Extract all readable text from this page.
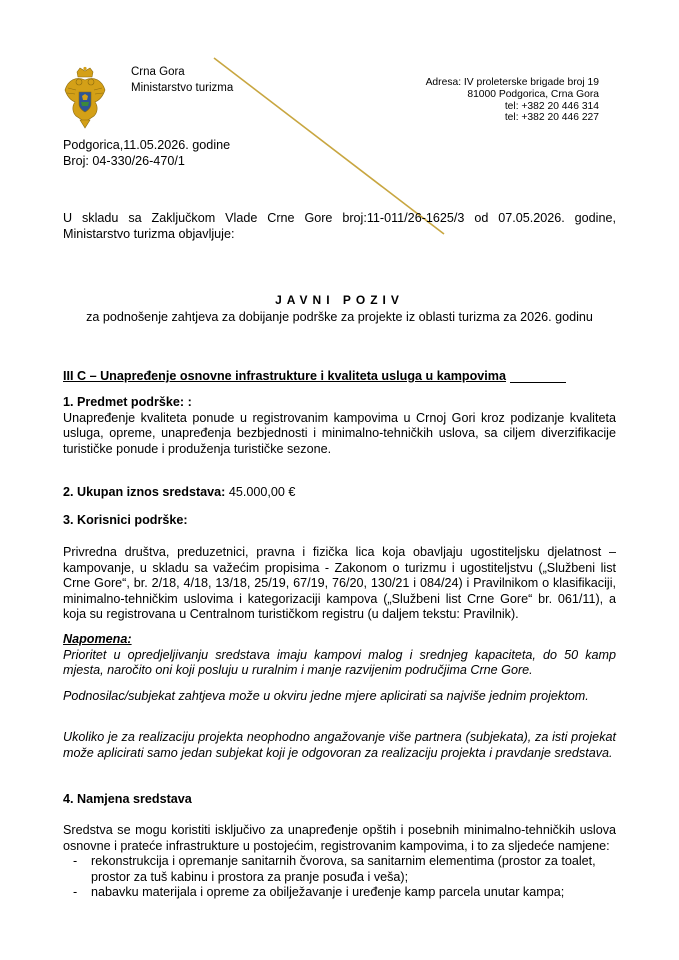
Crna Gora
Ministarstvo turizma	Adresa: IV proleterske brigade broj 19
81000 Podgorica, Crna Gora
tel: +382 20 446 314
tel: +382 20 446 227
Podgorica,11.05.2026. godine
Broj: 04-330/26-470/1
U skladu sa Zaključkom Vlade Crne Gore broj:11-011/26-1625/3 od 07.05.2026. godine,
Ministarstvo turizma objavljuje:
JAVNI POZIV
za podnošenje zahtjeva za dobijanje podrške za projekte iz oblasti turizma za 2026. godinu
III C – Unapređenje osnovne infrastrukture i kvaliteta usluga u kampovima
1. Predmet podrške: :
Unapređenje kvaliteta ponude u registrovanim kampovima u Crnoj Gori kroz podizanje kvaliteta usluga, opreme, unapređenja bezbjednosti i minimalno-tehničkih uslova, sa ciljem diverzifikacije turističke ponude i produženja turističke sezone.
2. Ukupan iznos sredstava: 45.000,00 €
3. Korisnici podrške:
Privredna društva, preduzetnici, pravna i fizička lica koja obavljaju ugostiteljsku djelatnost – kampovanje, u skladu sa važećim propisima - Zakonom o turizmu i ugostiteljstvu („Službeni list Crne Gore“, br. 2/18, 4/18, 13/18, 25/19, 67/19, 76/20, 130/21 i 084/24) i Pravilnikom o klasifikaciji, minimalno-tehničkim uslovima i kategorizaciji kampova („Službeni list Crne Gore“ br. 061/11), a koja su registrovana u Centralnom turističkom registru (u daljem tekstu: Pravilnik).
Napomena:
Prioritet u opredjeljivanju sredstava imaju kampovi malog i srednjeg kapaciteta, do 50 kamp mjesta, naročito oni koji posluju u ruralnim i manje razvijenim područjima Crne Gore.
Podnosilac/subjekat zahtjeva može u okviru jedne mjere aplicirati sa najviše jednim projektom.
Ukoliko je za realizaciju projekta neophodno angažovanje više partnera (subjekata), za isti projekat može aplicirati samo jedan subjekat koji je odgovoran za realizaciju projekta i pravdanje sredstava.
4. Namjena sredstava
Sredstva se mogu koristiti isključivo za unapređenje opštih i posebnih minimalno-tehničkih uslova osnovne i prateće infrastrukture u postojećim, registrovanim kampovima, i to za sljedeće namjene:
- rekonstrukcija i opremanje sanitarnih čvorova, sa sanitarnim elementima (prostor za toalet, prostor za tuš kabinu i prostora za pranje posuđa i veša);
- nabavku materijala i opreme za obilježavanje i uređenje kamp parcela unutar kampa;
